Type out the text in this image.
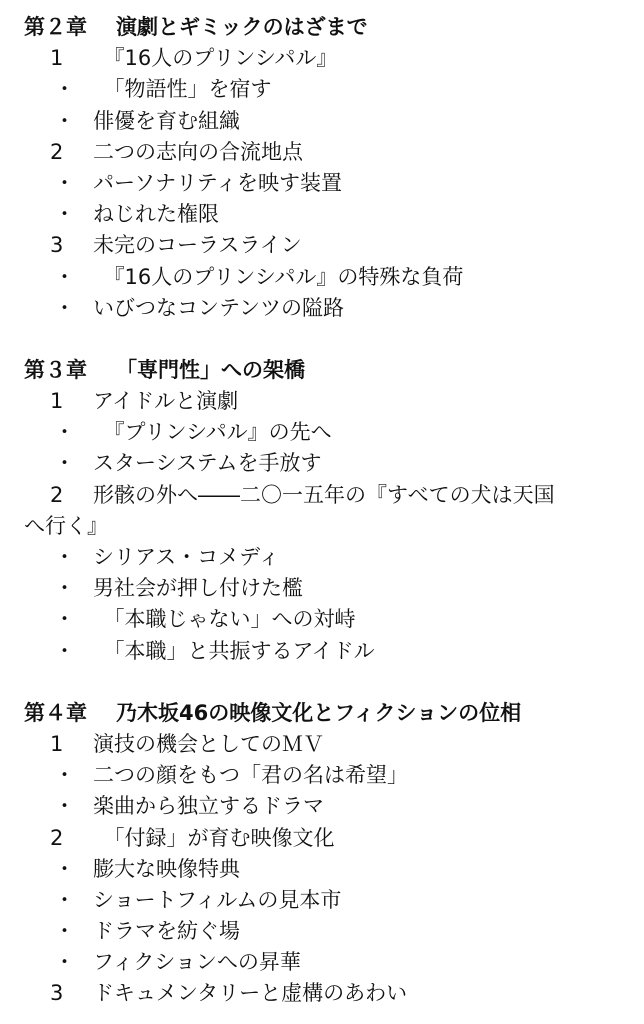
第２章 演劇とギミックのはざまで
1	　『16人のプリンシパル』
・ 　「物語性」を宿す
・ 俳優を育む組織
2	二つの志向の合流地点
・ パーソナリティを映す装置
・ ねじれた権限
3	未完のコーラスライン
・ 　『16人のプリンシパル』の特殊な負荷
・ いびつなコンテンツの隘路
第３章 「専門性」への架橋
1	アイドルと演劇
・ 　『プリンシパル』の先へ
・ スターシステムを手放す
2	形骸の外へ――二〇一五年の『すべての犬は天国
へ行く』
・ シリアス・コメディ
・ 男社会が押し付けた檻
・ 　「本職じゃない」への対峙
・ 　「本職」と共振するアイドル
第４章 乃木坂46の映像文化とフィクションの位相
1	演技の機会としてのＭＶ
・ 二つの顔をもつ「君の名は希望」
・ 楽曲から独立するドラマ
2	　「付録」が育む映像文化
・ 膨大な映像特典
・ ショートフィルムの見本市
・ ドラマを紡ぐ場
・ フィクションへの昇華
3	ドキュメンタリーと虚構のあわい
